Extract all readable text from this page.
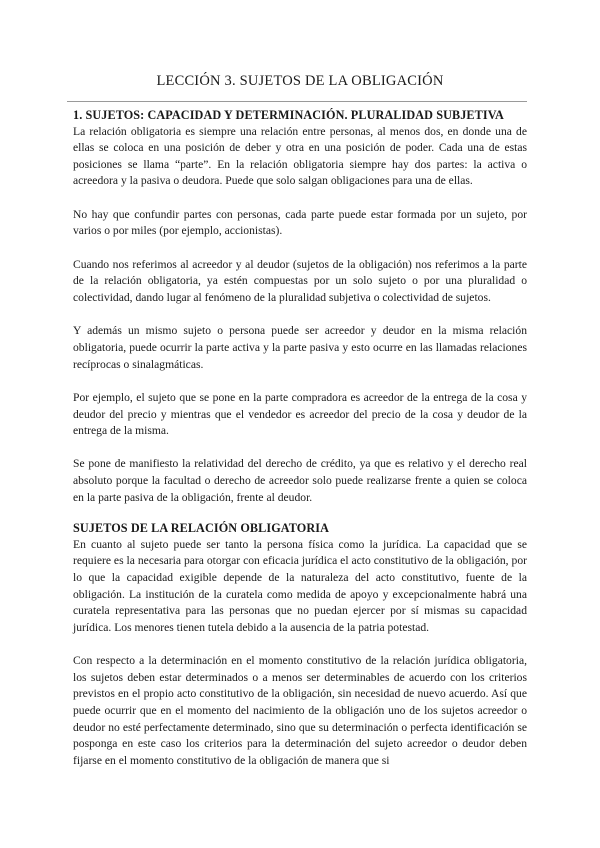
LECCIÓN 3. SUJETOS DE LA OBLIGACIÓN
1. SUJETOS: CAPACIDAD Y DETERMINACIÓN. PLURALIDAD SUBJETIVA

La relación obligatoria es siempre una relación entre personas, al menos dos, en donde una de ellas se coloca en una posición de deber y otra en una posición de poder. Cada una de estas posiciones se llama “parte”. En la relación obligatoria siempre hay dos partes: la activa o acreedora y la pasiva o deudora. Puede que solo salgan obligaciones para una de ellas.

No hay que confundir partes con personas, cada parte puede estar formada por un sujeto, por varios o por miles (por ejemplo, accionistas).

Cuando nos referimos al acreedor y al deudor (sujetos de la obligación) nos referimos a la parte de la relación obligatoria, ya estén compuestas por un solo sujeto o por una pluralidad o colectividad, dando lugar al fenómeno de la pluralidad subjetiva o colectividad de sujetos.

Y además un mismo sujeto o persona puede ser acreedor y deudor en la misma relación obligatoria, puede ocurrir la parte activa y la parte pasiva y esto ocurre en las llamadas relaciones recíprocas o sinalagmáticas.

Por ejemplo, el sujeto que se pone en la parte compradora es acreedor de la entrega de la cosa y deudor del precio y mientras que el vendedor es acreedor del precio de la cosa y deudor de la entrega de la misma.

Se pone de manifiesto la relatividad del derecho de crédito, ya que es relativo y el derecho real absoluto porque la facultad o derecho de acreedor solo puede realizarse frente a quien se coloca en la parte pasiva de la obligación, frente al deudor.

SUJETOS DE LA RELACIÓN OBLIGATORIA

En cuanto al sujeto puede ser tanto la persona física como la jurídica. La capacidad que se requiere es la necesaria para otorgar con eficacia jurídica el acto constitutivo de la obligación, por lo que la capacidad exigible depende de la naturaleza del acto constitutivo, fuente de la obligación. La institución de la curatela como medida de apoyo y excepcionalmente habrá una curatela representativa para las personas que no puedan ejercer por sí mismas su capacidad jurídica. Los menores tienen tutela debido a la ausencia de la patria potestad.

Con respecto a la determinación en el momento constitutivo de la relación jurídica obligatoria, los sujetos deben estar determinados o a menos ser determinables de acuerdo con los criterios previstos en el propio acto constitutivo de la obligación, sin necesidad de nuevo acuerdo. Así que puede ocurrir que en el momento del nacimiento de la obligación uno de los sujetos acreedor o deudor no esté perfectamente determinado, sino que su determinación o perfecta identificación se posponga en este caso los criterios para la determinación del sujeto acreedor o deudor deben fijarse en el momento constitutivo de la obligación de manera que si
